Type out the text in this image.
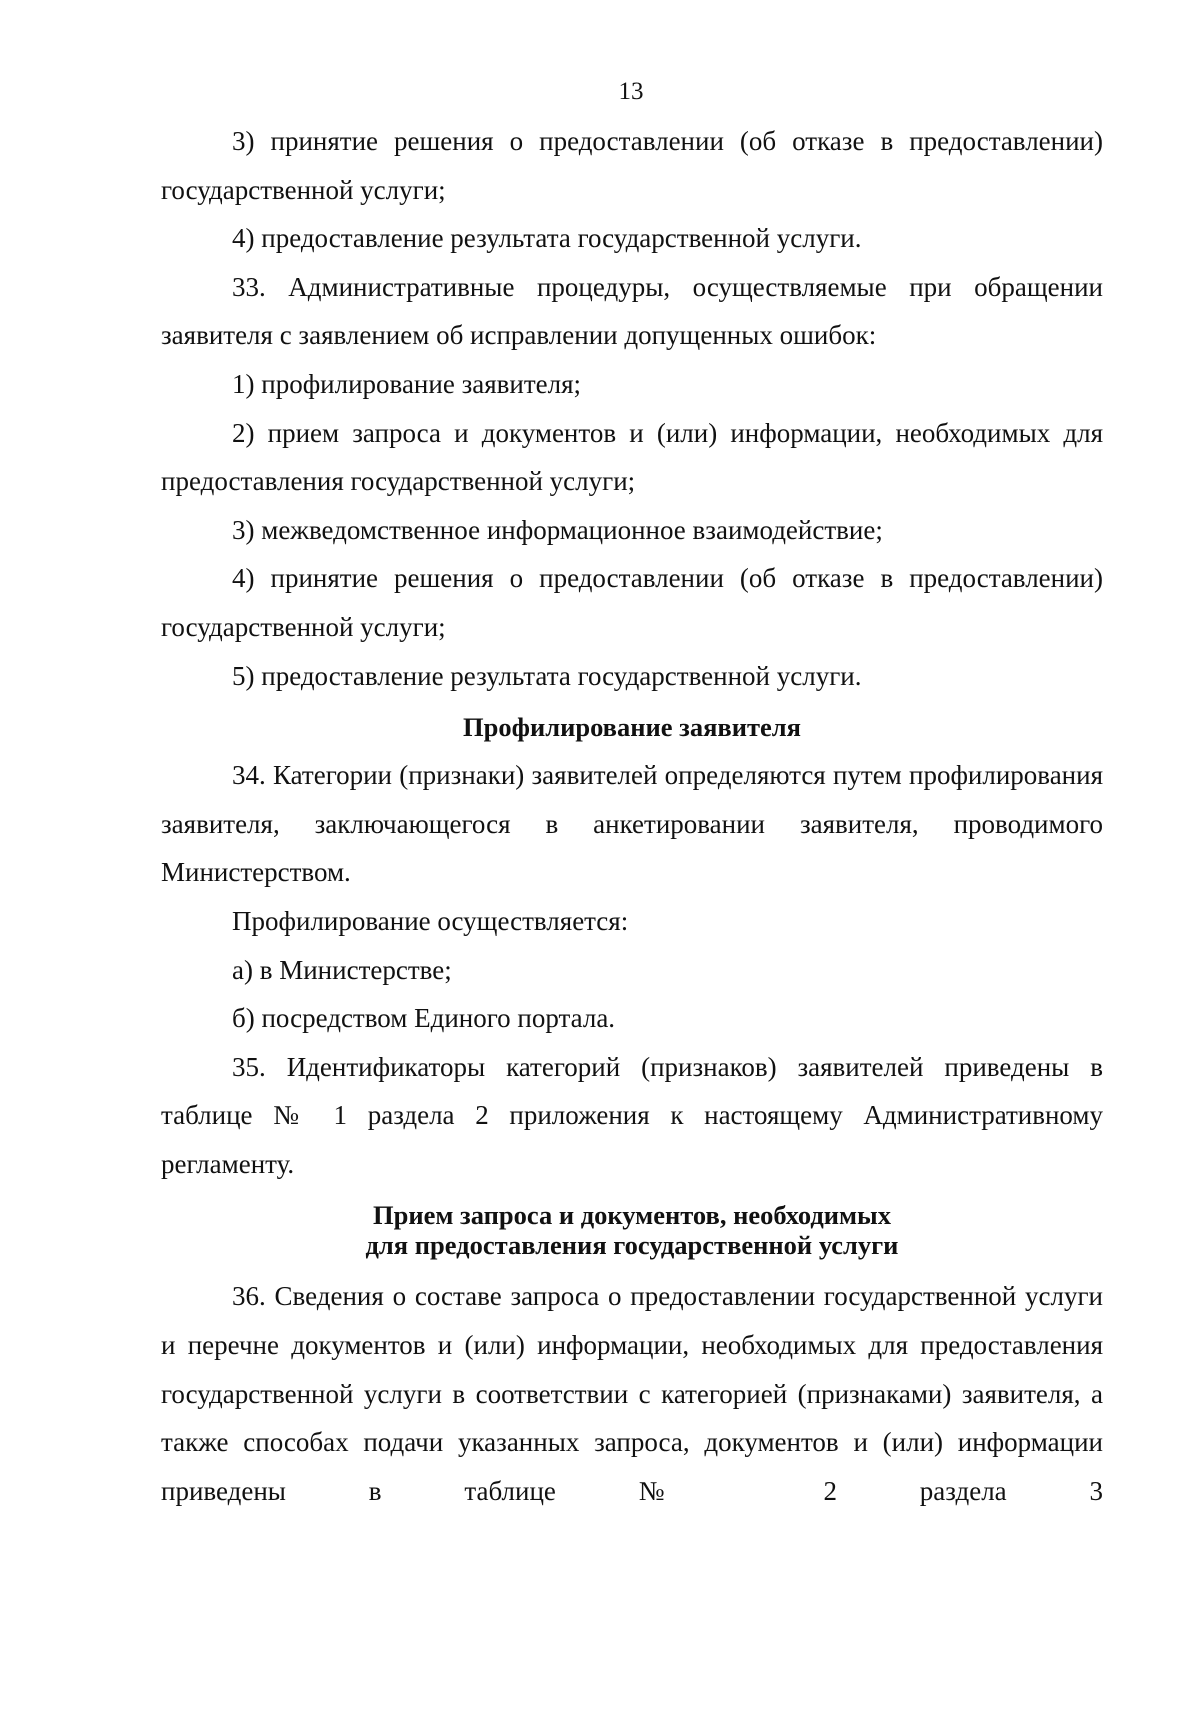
13

3) принятие решения о предоставлении (об отказе в предоставлении) государственной услуги;

4) предоставление результата государственной услуги.

33. Административные процедуры, осуществляемые при обращении заявителя с заявлением об исправлении допущенных ошибок:

1) профилирование заявителя;

2) прием запроса и документов и (или) информации, необходимых для предоставления государственной услуги;

3) межведомственное информационное взаимодействие;

4) принятие решения о предоставлении (об отказе в предоставлении) государственной услуги;

5) предоставление результата государственной услуги.

Профилирование заявителя

34. Категории (признаки) заявителей определяются путем профилирования заявителя, заключающегося в анкетировании заявителя, проводимого Министерством.

Профилирование осуществляется:

а) в Министерстве;

б) посредством Единого портала.

35. Идентификаторы категорий (признаков) заявителей приведены в таблице № 1 раздела 2 приложения к настоящему Административному регламенту.

Прием запроса и документов, необходимых
для предоставления государственной услуги

36. Сведения о составе запроса о предоставлении государственной услуги и перечне документов и (или) информации, необходимых для предоставления государственной услуги в соответствии с категорией (признаками) заявителя, а также способах подачи указанных запроса, документов и (или) информации приведены в таблице № 2 раздела 3
